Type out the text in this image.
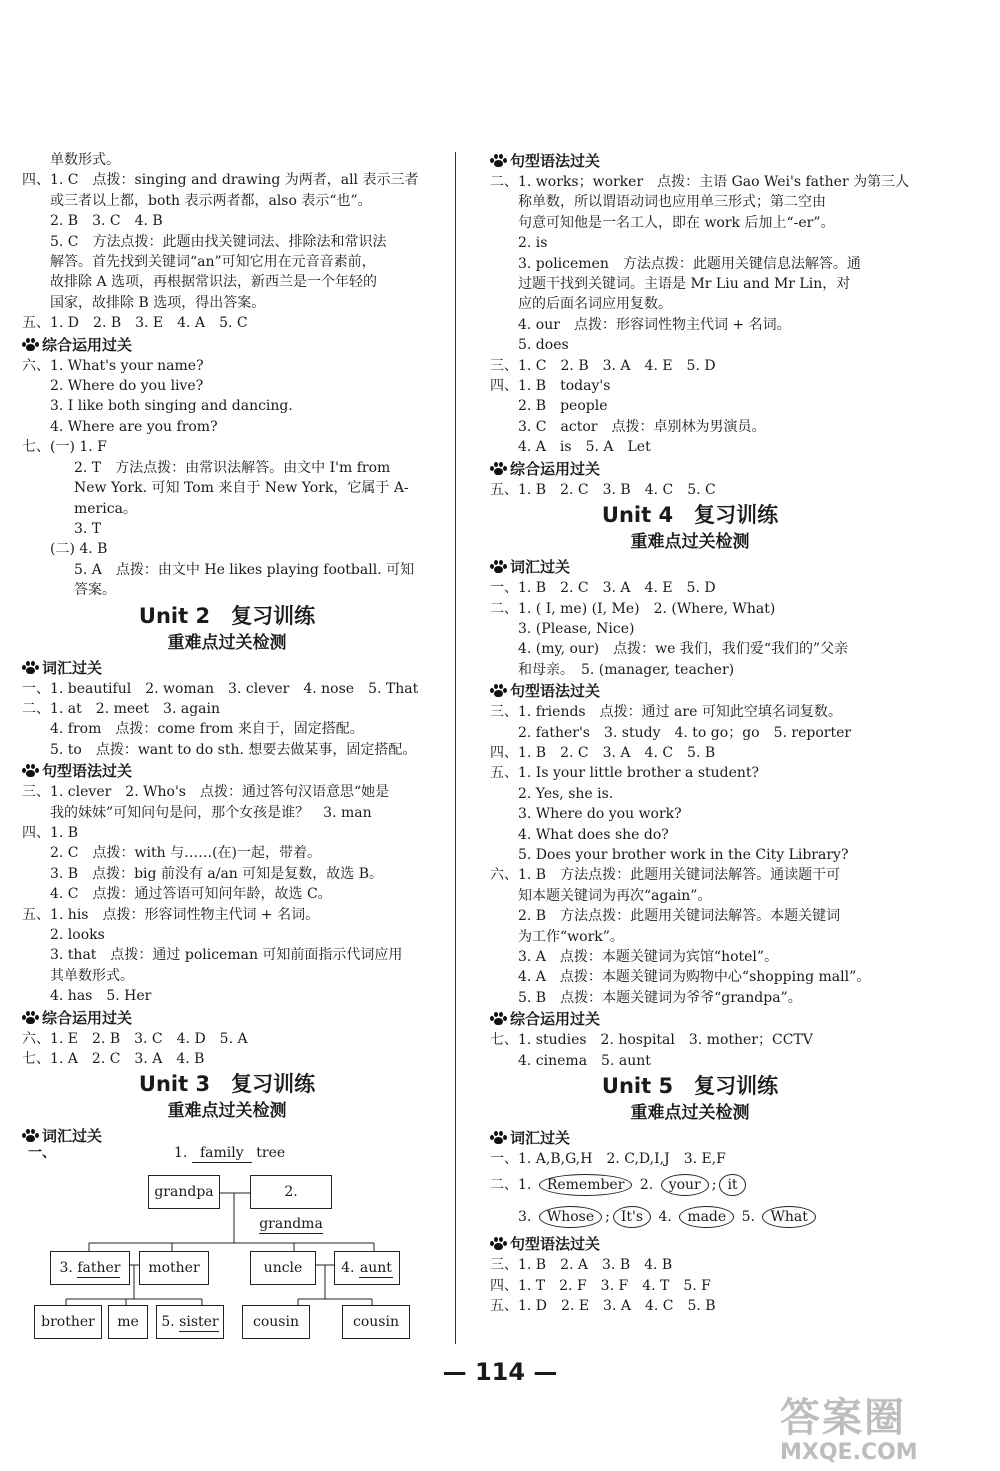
单数形式。
四、1. C　点拨：singing and drawing 为两者，all 表示三者
或三者以上都，both 表示两者都，also 表示“也”。
2. B　3. C　4. B
5. C　方法点拨：此题由找关键词法、排除法和常识法
解答。首先找到关键词“an”可知它用在元音音素前，
故排除 A 选项，再根据常识法，新西兰是一个年轻的
国家，故排除 B 选项，得出答案。
五、1. D　2. B　3. E　4. A　5. C
综合运用过关
六、1. What's your name?
2. Where do you live?
3. I like both singing and dancing.
4. Where are you from?
七、(一) 1. F
2. T　方法点拨：由常识法解答。由文中 I'm from
New York. 可知 Tom 来自于 New York，它属于 A-
merica。
3. T
(二) 4. B
5. A　点拨：由文中 He likes playing football. 可知
答案。
Unit 2　复习训练
重难点过关检测
词汇过关
一、1. beautiful　2. woman　3. clever　4. nose　5. That
二、1. at　2. meet　3. again
4. from　点拨：come from 来自于，固定搭配。
5. to　点拨：want to do sth. 想要去做某事，固定搭配。
句型语法过关
三、1. clever　2. Who's　点拨：通过答句汉语意思“她是
我的妹妹”可知问句是问，那个女孩是谁？　3. man
四、1. B
2. C　点拨：with 与……(在)一起，带着。
3. B　点拨：big 前没有 a/an 可知是复数，故选 B。
4. C　点拨：通过答语可知问年龄，故选 C。
五、1. his　点拨：形容词性物主代词 + 名词。
2. looks
3. that　点拨：通过 policeman 可知前面指示代词应用
其单数形式。
4. has　5. Her
综合运用过关
六、1. E　2. B　3. C　4. D　5. A
七、1. A　2. C　3. A　4. B
Unit 3　复习训练
重难点过关检测
词汇过关
一、	1. family tree
grandpa	2. grandma
3. father	mother	uncle	4. aunt
brother	me	5. sister	cousin	cousin
句型语法过关
二、1. works；worker　点拨：主语 Gao Wei's father 为第三人
称单数，所以谓语动词也应用单三形式；第二空由
句意可知他是一名工人，即在 work 后加上“-er”。
2. is
3. policemen　方法点拨：此题用关键信息法解答。通
过题干找到关键词。主语是 Mr Liu and Mr Lin，对
应的后面名词应用复数。
4. our　点拨：形容词性物主代词 + 名词。
5. does
三、1. C　2. B　3. A　4. E　5. D
四、1. B　today's
2. B　people
3. C　actor　点拨：卓别林为男演员。
4. A　is　5. A　Let
综合运用过关
五、1. B　2. C　3. B　4. C　5. C
Unit 4　复习训练
重难点过关检测
词汇过关
一、1. B　2. C　3. A　4. E　5. D
二、1. ( I, me) (I, Me)　2. (Where, What)
3. (Please, Nice)
4. (my, our)　点拨：we 我们，我们爱“我们的”父亲
和母亲。　5. (manager, teacher)
句型语法过关
三、1. friends　点拨：通过 are 可知此空填名词复数。
2. father's　3. study　4. to go；go　5. reporter
四、1. B　2. C　3. A　4. C　5. B
五、1. Is your little brother a student?
2. Yes, she is.
3. Where do you work?
4. What does she do?
5. Does your brother work in the City Library?
六、1. B　方法点拨：此题用关键词法解答。通读题干可
知本题关键词为再次“again”。
2. B　方法点拨：此题用关键词法解答。本题关键词
为工作“work”。
3. A　点拨：本题关键词为宾馆“hotel”。
4. A　点拨：本题关键词为购物中心“shopping mall”。
5. B　点拨：本题关键词为爷爷“grandpa”。
综合运用过关
七、1. studies　2. hospital　3. mother；CCTV
4. cinema　5. aunt
Unit 5　复习训练
重难点过关检测
词汇过关
一、1. A,B,G,H　2. C,D,I,J　3. E,F
二、1. Remember 2. your ; it
3. Whose ; It's 4. made 5. What
句型语法过关
三、1. B　2. A　3. B　4. B
四、1. T　2. F　3. F　4. T　5. F
五、1. D　2. E　3. A　4. C　5. B
— 114 —
答案圈
MXQE.COM
